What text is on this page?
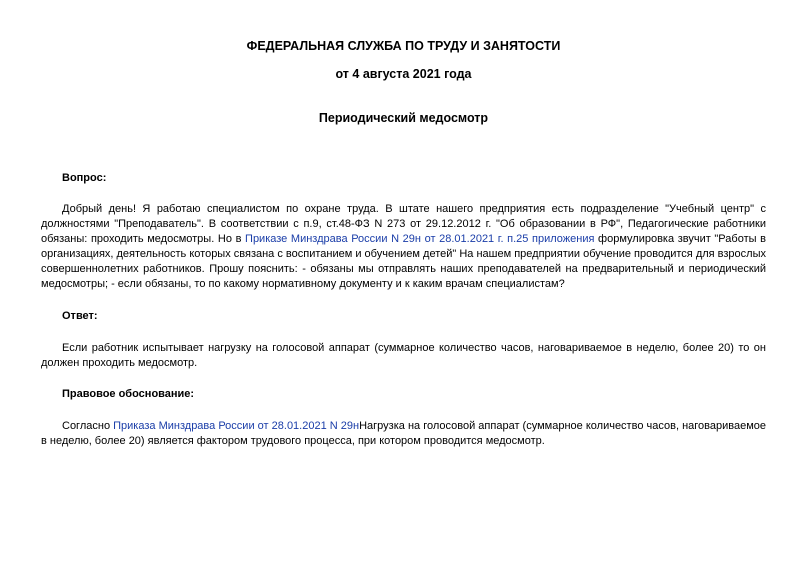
ФЕДЕРАЛЬНАЯ СЛУЖБА ПО ТРУДУ И ЗАНЯТОСТИ
от 4 августа 2021 года
Периодический медосмотр
Вопрос:
Добрый день! Я работаю специалистом по охране труда. В штате нашего предприятия есть подразделение "Учебный центр" с должностями "Преподаватель". В соответствии с п.9, ст.48-ФЗ N 273 от 29.12.2012 г. "Об образовании в РФ", Педагогические работники обязаны: проходить медосмотры. Но в Приказе Минздрава России N 29н от 28.01.2021 г. п.25 приложения формулировка звучит "Работы в организациях, деятельность которых связана с воспитанием и обучением детей" На нашем предприятии обучение проводится для взрослых совершеннолетних работников. Прошу пояснить: - обязаны мы отправлять наших преподавателей на предварительный и периодический медосмотры; - если обязаны, то по какому нормативному документу и к каким врачам специалистам?
Ответ:
Если работник испытывает нагрузку на голосовой аппарат (суммарное количество часов, наговариваемое в неделю, более 20) то он должен проходить медосмотр.
Правовое обоснование:
Согласно Приказа Минздрава России от 28.01.2021 N 29нНагрузка на голосовой аппарат (суммарное количество часов, наговариваемое в неделю, более 20) является фактором трудового процесса, при котором проводится медосмотр.
